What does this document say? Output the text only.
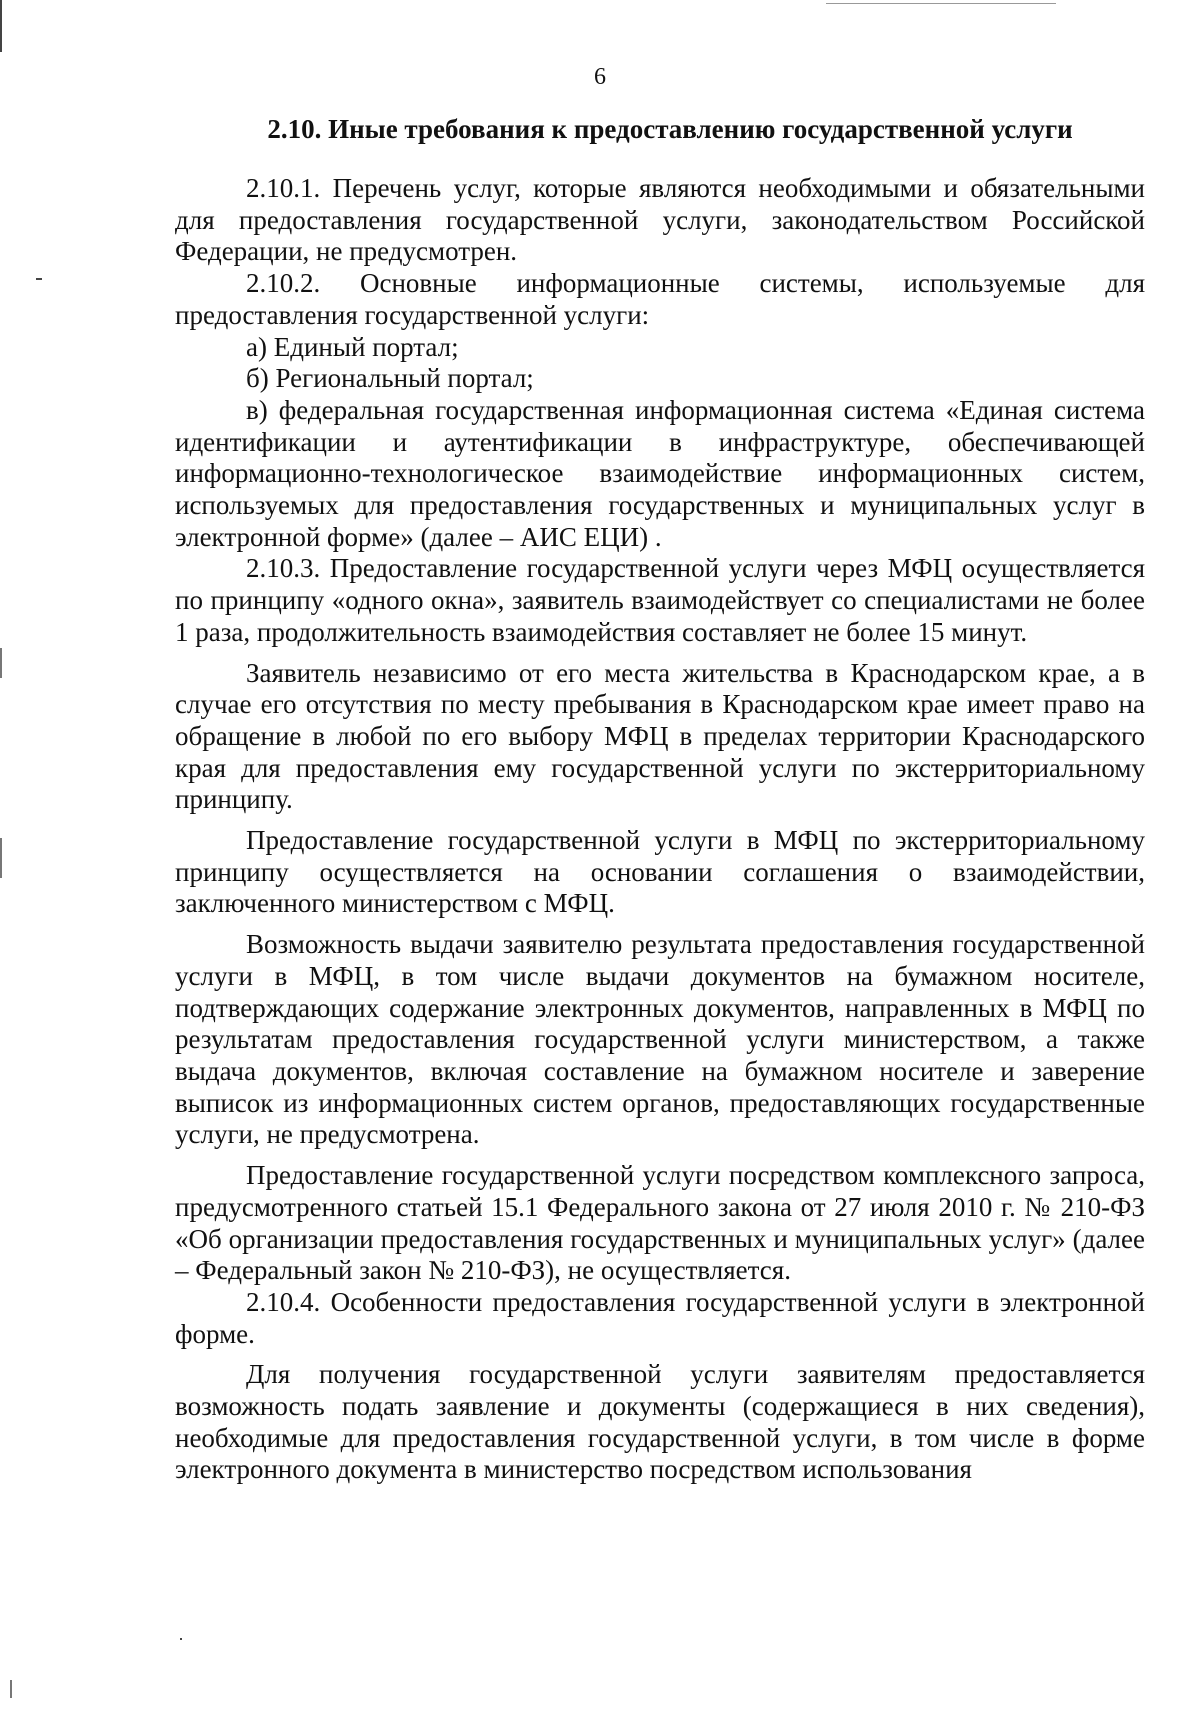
6
2.10. Иные требования к предоставлению государственной услуги

2.10.1. Перечень услуг, которые являются необходимыми и обязательными для предоставления государственной услуги, законодательством Российской Федерации, не предусмотрен.

2.10.2. Основные информационные системы, используемые для предоставления государственной услуги:

а) Единый портал;

б) Региональный портал;

в) федеральная государственная информационная система «Единая система идентификации и аутентификации в инфраструктуре, обеспечивающей информационно-технологическое взаимодействие информационных систем, используемых для предоставления государственных и муниципальных услуг в электронной форме» (далее – АИС ЕЦИ) .

2.10.3. Предоставление государственной услуги через МФЦ осуществляется по принципу «одного окна», заявитель взаимодействует со специалистами не более 1 раза, продолжительность взаимодействия составляет не более 15 минут.

Заявитель независимо от его места жительства в Краснодарском крае, а в случае его отсутствия по месту пребывания в Краснодарском крае имеет право на обращение в любой по его выбору МФЦ в пределах территории Краснодарского края для предоставления ему государственной услуги по экстерриториальному принципу.

Предоставление государственной услуги в МФЦ по экстерриториальному принципу осуществляется на основании соглашения о взаимодействии, заключенного министерством с МФЦ.

Возможность выдачи заявителю результата предоставления государственной услуги в МФЦ, в том числе выдачи документов на бумажном носителе, подтверждающих содержание электронных документов, направленных в МФЦ по результатам предоставления государственной услуги министерством, а также выдача документов, включая составление на бумажном носителе и заверение выписок из информационных систем органов, предоставляющих государственные услуги, не предусмотрена.

Предоставление государственной услуги посредством комплексного запроса, предусмотренного статьей 15.1 Федерального закона от 27 июля 2010 г. № 210-ФЗ «Об организации предоставления государственных и муниципальных услуг» (далее – Федеральный закон № 210-ФЗ), не осуществляется.

2.10.4. Особенности предоставления государственной услуги в электронной форме.

Для получения государственной услуги заявителям предоставляется возможность подать заявление и документы (содержащиеся в них сведения), необходимые для предоставления государственной услуги, в том числе в форме электронного документа в министерство посредством использования
